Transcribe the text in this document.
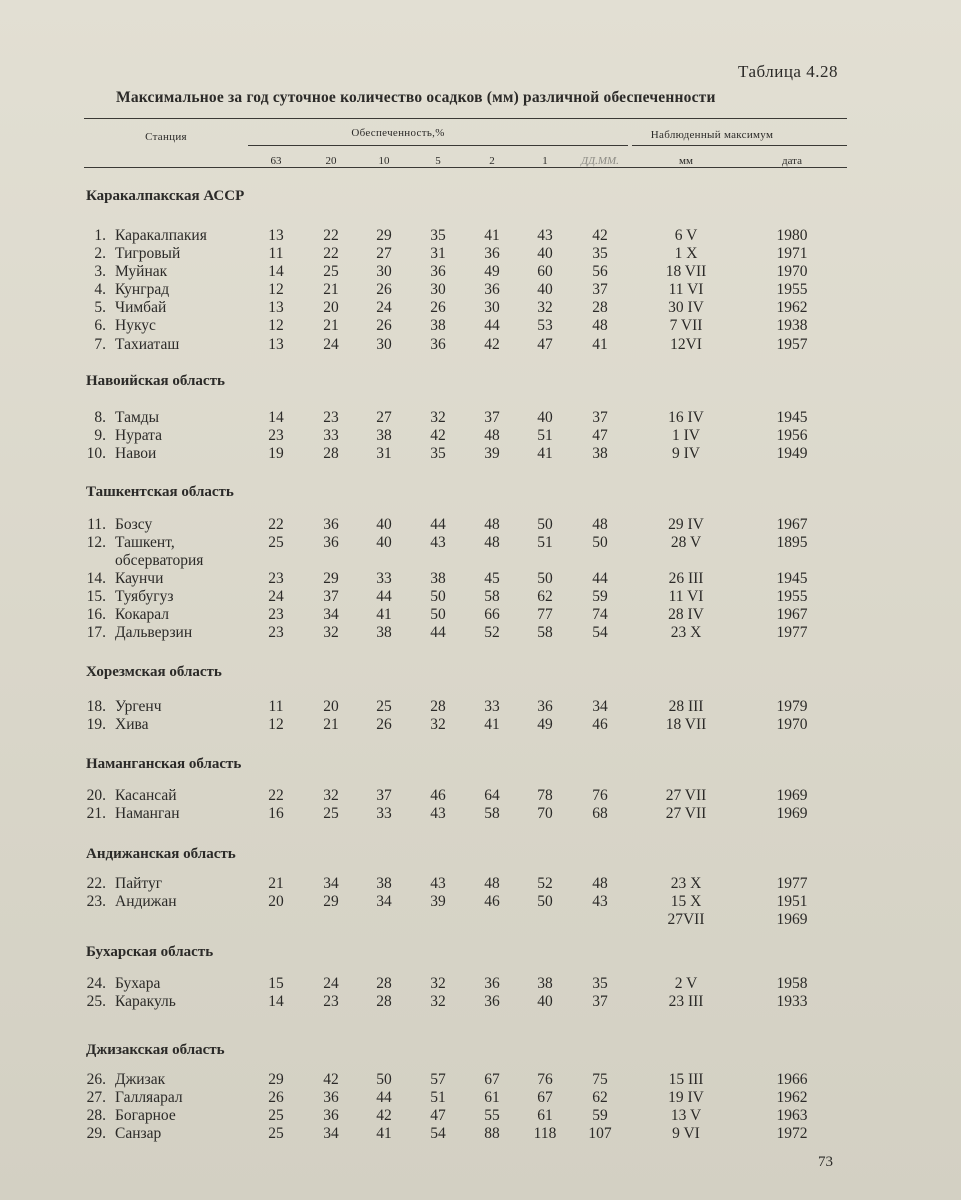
Таблица 4.28
Максимальное за год суточное количество осадков (мм) различной обеспеченности
Станция	Обеспеченность,%	Наблюденный максимум
63	20	10	5	2	1	ДД.ММ.	мм	дата
Каракалпакская АССР
1. Каракалпакия	13	22 29 35 41 43	42	6 V	1980
2. Тигровый	11	22 27 31 36 40	35	1 X	1971
3. Муйнак	14	25 30 36 49 60	56	18 VII	1970
4. Кунград	12	21 26 30 36 40	37	11 VI	1955
5. Чимбай	13	20 24 26 30 32	28	30 IV	1962
6. Нукус	12	21 26 38 44 53	48	7 VII	1938
7. Тахиаташ	13	24 30 36 42 47	41	12VI	1957
Навоийская область
8. Тамды	14	23 27 32 37 40	37	16 IV	1945
9. Нурата	23	33 38 42 48 51	47	1 IV	1956
10. Навои	19	28 31 35 39 41	38	9 IV	1949
Ташкентская область
11. Бозсу	22	36 40 44 48 50	48	29 IV	1967
12. Ташкент,	25	36 40 43 48 51	50	28 V	1895
обсерватория
14. Каунчи	23	29 33 38 45 50	44	26 III	1945
15. Туябугуз	24	37 44 50 58 62	59	11 VI	1955
16. Кокарал	23	34 41 50 66 77	74	28 IV	1967
17. Дальверзин	23	32 38 44 52 58	54	23 X	1977
Хорезмская область
18. Ургенч	11	20 25 28 33 36	34	28 III	1979
19. Хива	12	21 26 32 41 49	46	18 VII	1970
Наманганская область
20. Касансай	22	32 37 46 64 78	76	27 VII	1969
21. Наманган	16	25 33 43 58 70	68	27 VII	1969
Андижанская область
22. Пайтуг	21	34 38 43 48 52	48	23 X	1977
23. Андижан	20	29 34 39 46 50	43	15 X	1951
27VII	1969
Бухарская область
24. Бухара	15	24 28 32 36 38	35	2 V	1958
25. Каракуль	14	23 28 32 36 40	37	23 III	1933
Джизакская область
26. Джизак	29	42 50 57 67 76	75	15 III	1966
27. Галляарал	26	36 44 51 61 67	62	19 IV	1962
28. Богарное	25	36 42 47 55 61	59	13 V	1963
29. Санзар	25	34 41 54 88 118 107	9 VI	1972
73
